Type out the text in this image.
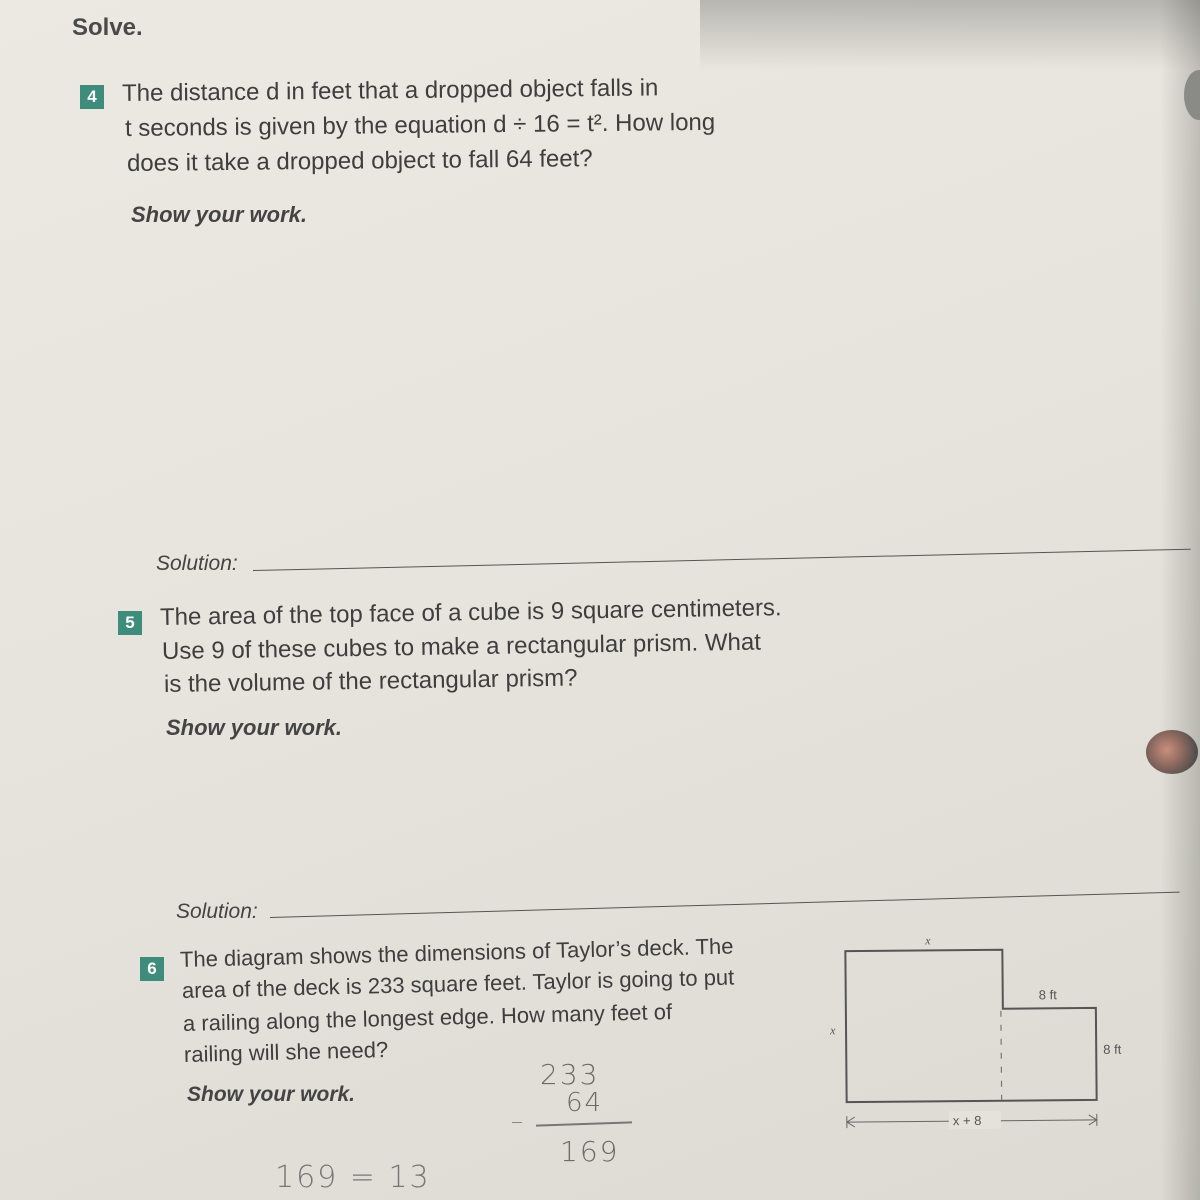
Solve.
4	The distance d in feet that a dropped object falls in
t seconds is given by the equation d ÷ 16 = t². How long
does it take a dropped object to fall 64 feet?
Show your work.
Solution:
5	The area of the top face of a cube is 9 square centimeters.
Use 9 of these cubes to make a rectangular prism. What
is the volume of the rectangular prism?
Show your work.
Solution:
6	The diagram shows the dimensions of Taylor’s deck. The
area of the deck is 233 square feet. Taylor is going to put
a railing along the longest edge. How many feet of
railing will she need?
Show your work.
x
x
8 ft
8 ft
x + 8
233
64
169
169 = 13
